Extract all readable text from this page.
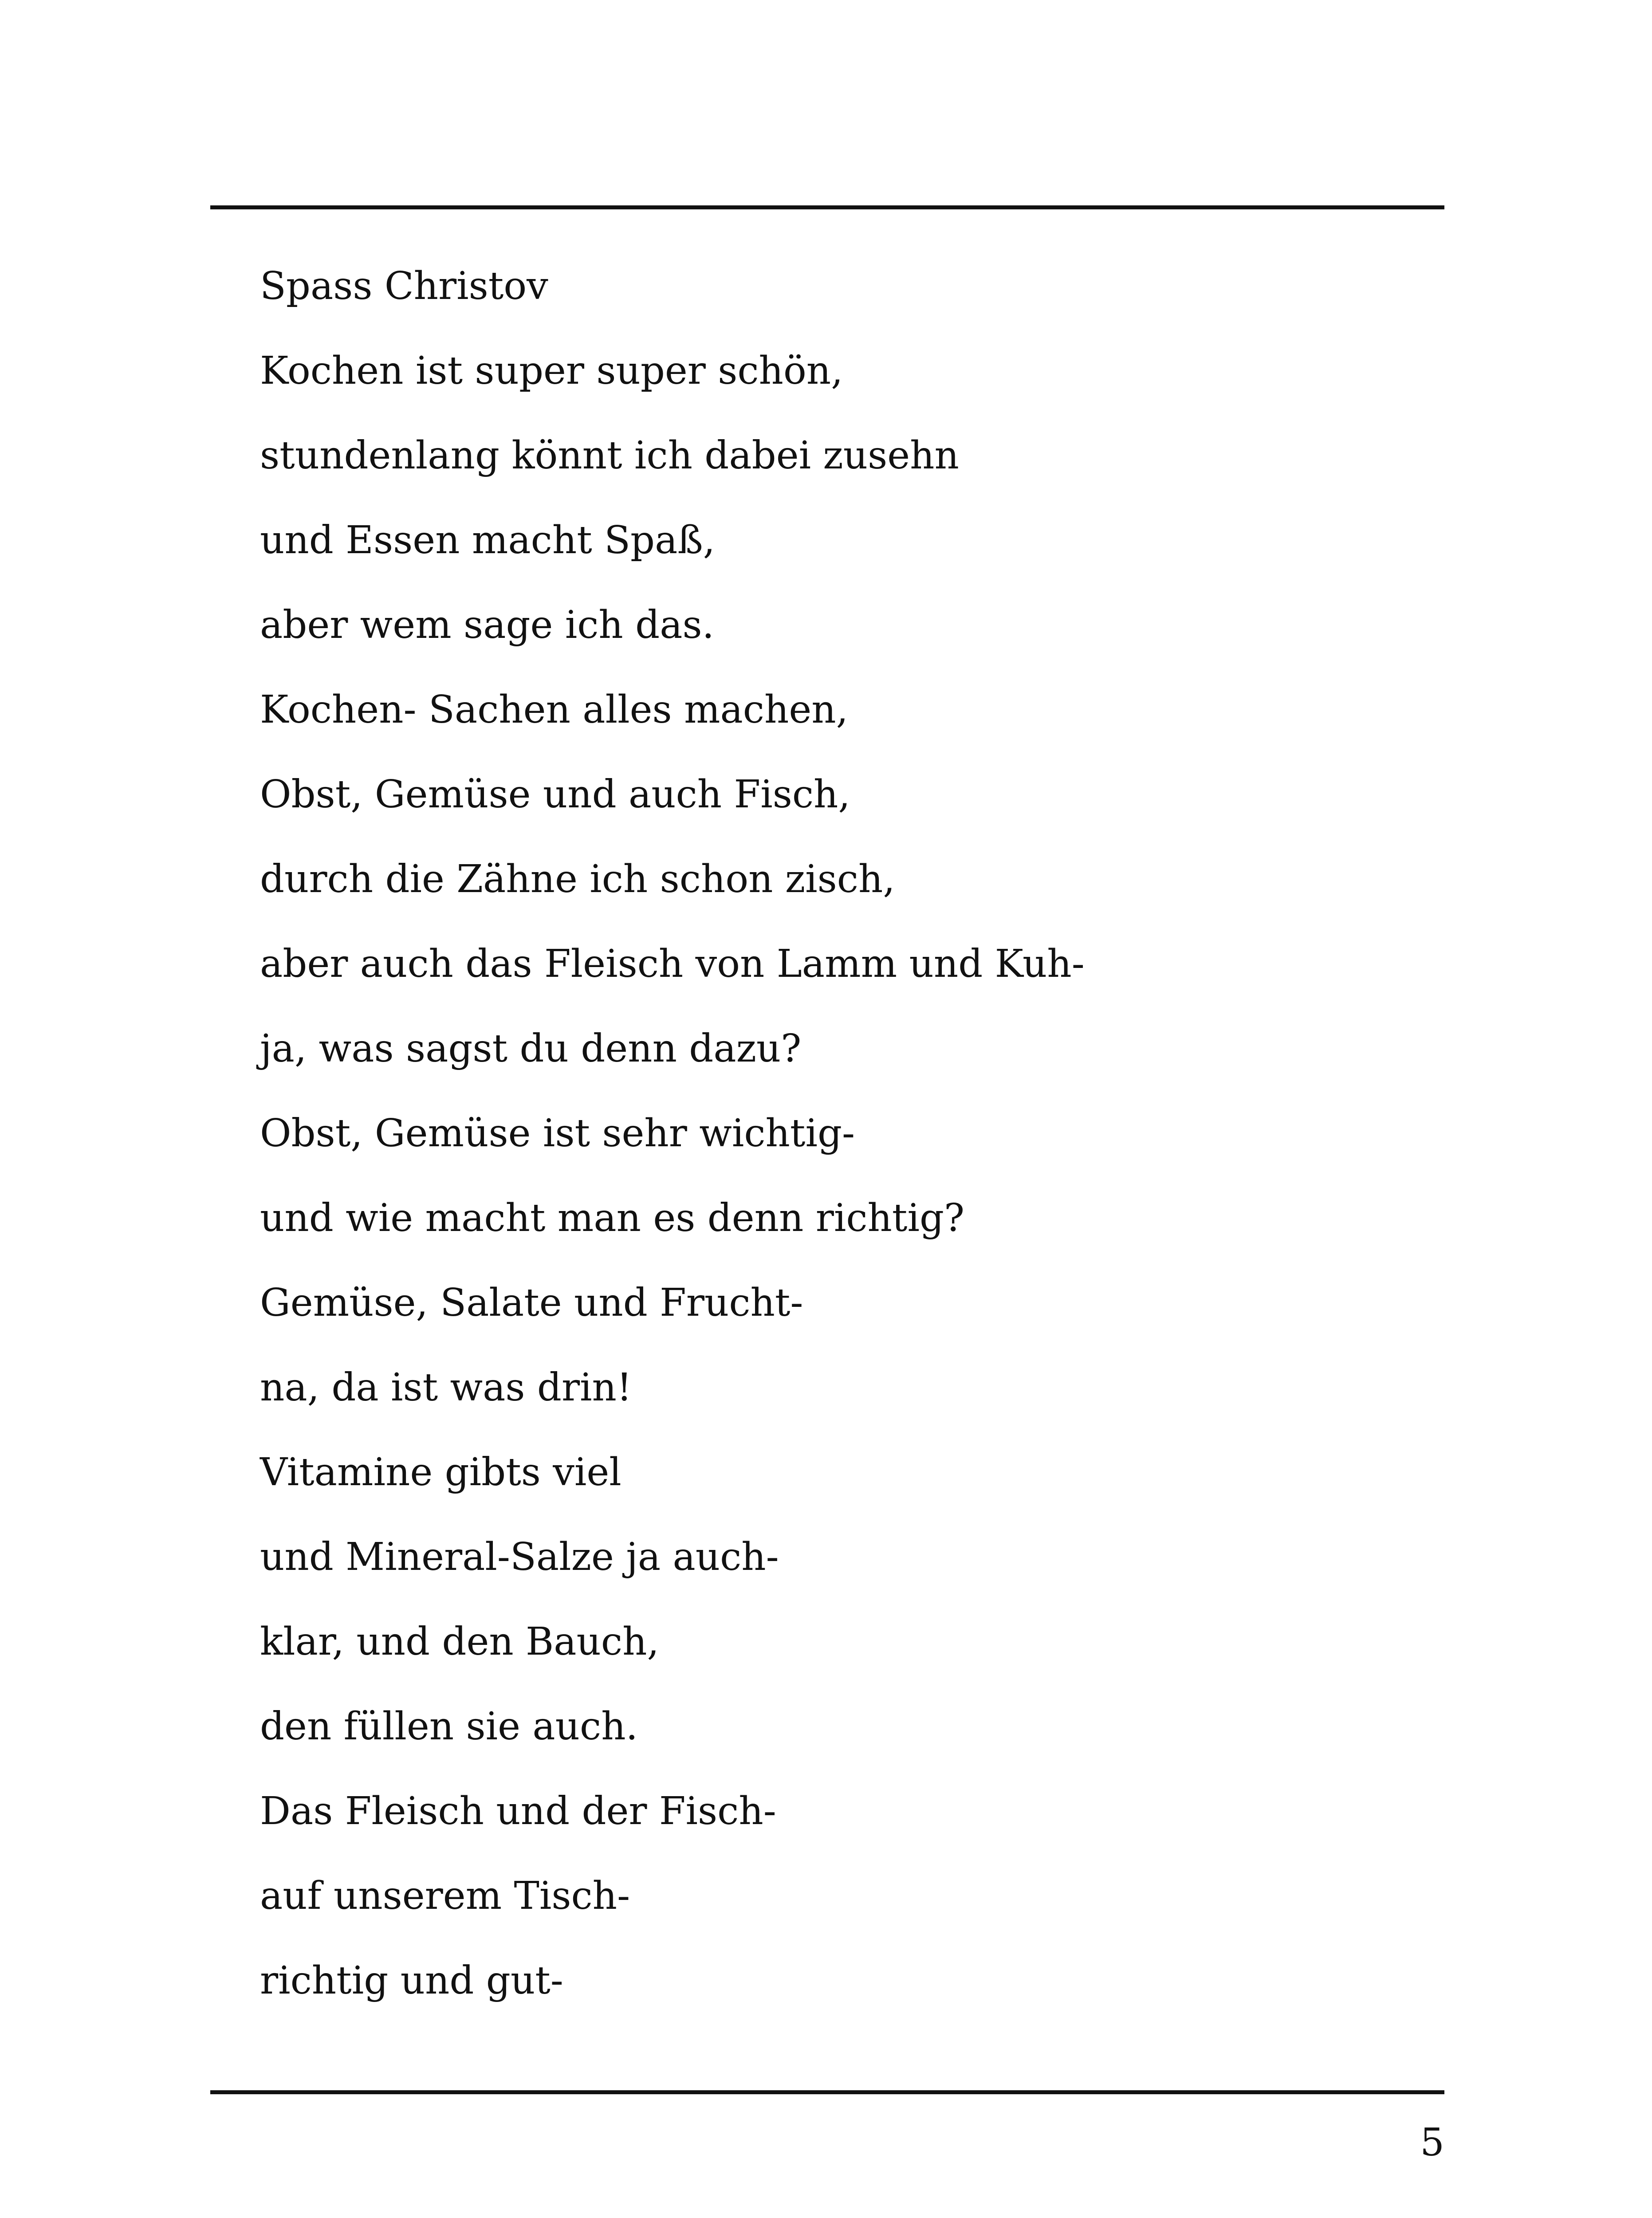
Spass Christov
Kochen ist super super schön,
stundenlang könnt ich dabei zusehn
und Essen macht Spaß,
aber wem sage ich das.
Kochen- Sachen alles machen,
Obst, Gemüse und auch Fisch,
durch die Zähne ich schon zisch,
aber auch das Fleisch von Lamm und Kuh-
ja, was sagst du denn dazu?
Obst, Gemüse ist sehr wichtig-
und wie macht man es denn richtig?
Gemüse, Salate und Frucht-
na, da ist was drin!
Vitamine gibts viel
und Mineral-Salze ja auch-
klar, und den Bauch,
den füllen sie auch.
Das Fleisch und der Fisch-
auf unserem Tisch-
richtig und gut-
5
